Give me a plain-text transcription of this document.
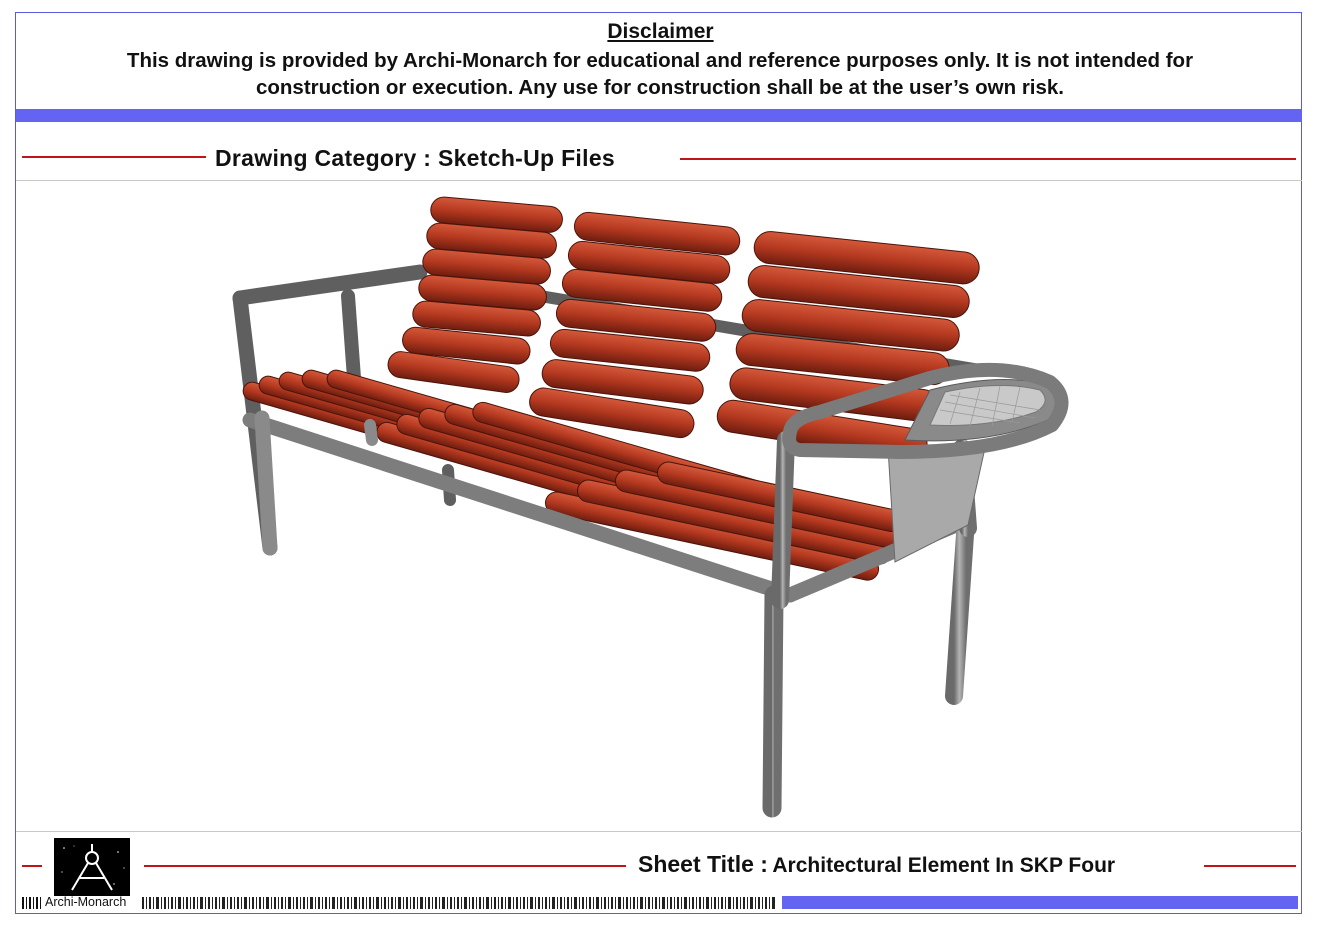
Disclaimer
This drawing is provided by Archi-Monarch for educational and reference purposes only. It is not intended for
construction or execution. Any use for construction shall be at the user’s own risk.
Drawing Category : Sketch-Up Files
Sheet Title : Architectural Element In SKP Four
Archi-Monarch
